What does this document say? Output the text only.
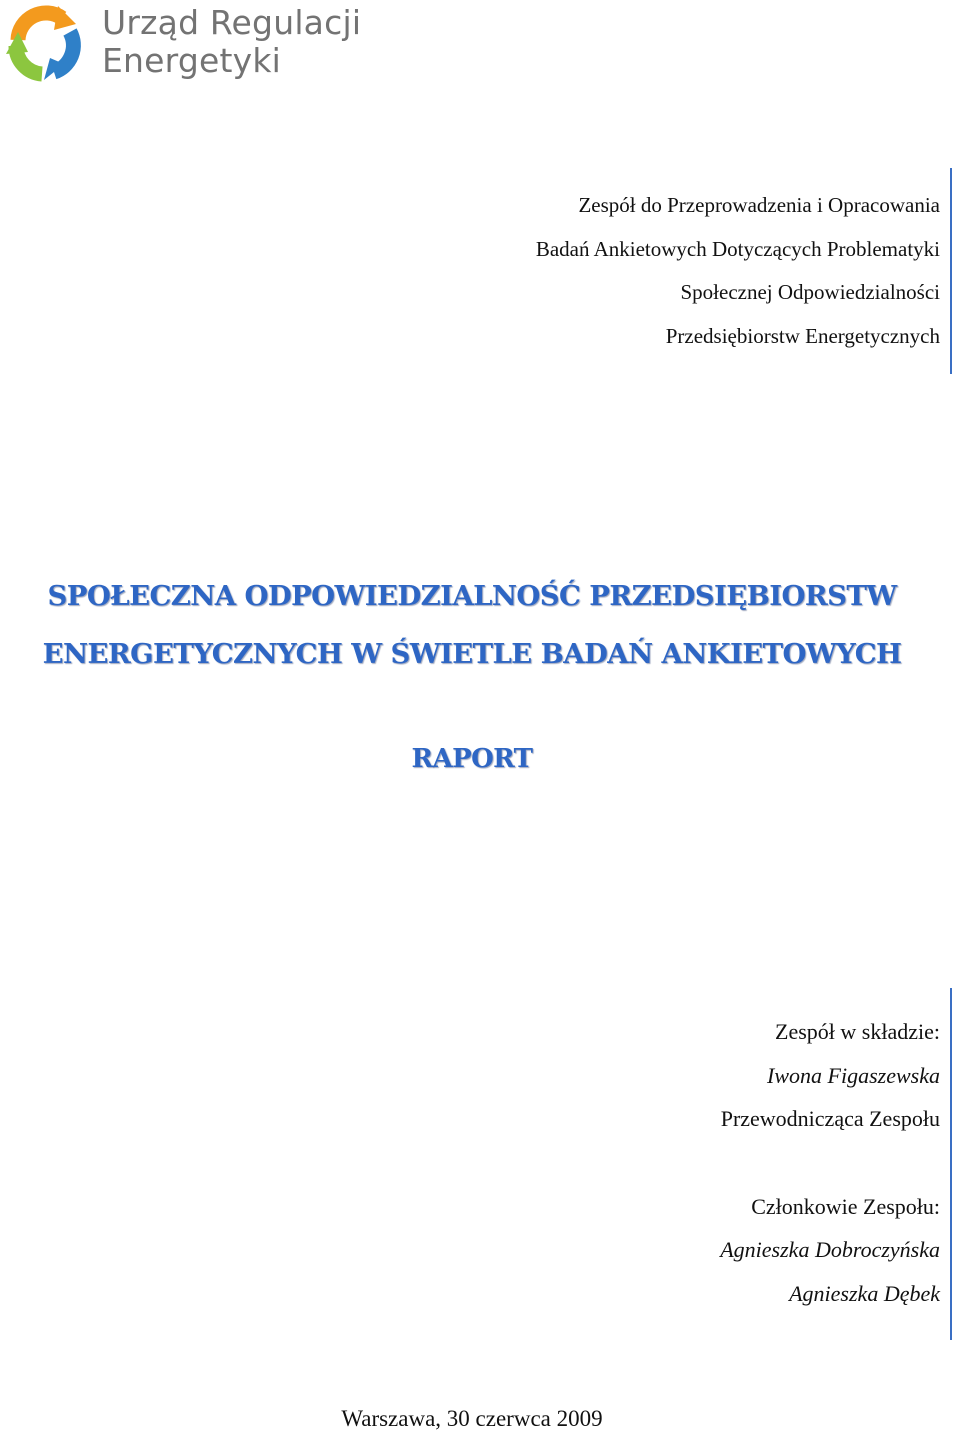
Urząd Regulacji
Energetyki
Zespół do Przeprowadzenia i Opracowania
Badań Ankietowych Dotyczących Problematyki
Społecznej Odpowiedzialności
Przedsiębiorstw Energetycznych
SPOŁECZNA ODPOWIEDZIALNOŚĆ PRZEDSIĘBIORSTW
ENERGETYCZNYCH W ŚWIETLE BADAŃ ANKIETOWYCH
RAPORT
Zespół w składzie:
Iwona Figaszewska
Przewodnicząca Zespołu
Członkowie Zespołu:
Agnieszka Dobroczyńska
Agnieszka Dębek
Warszawa, 30 czerwca 2009
